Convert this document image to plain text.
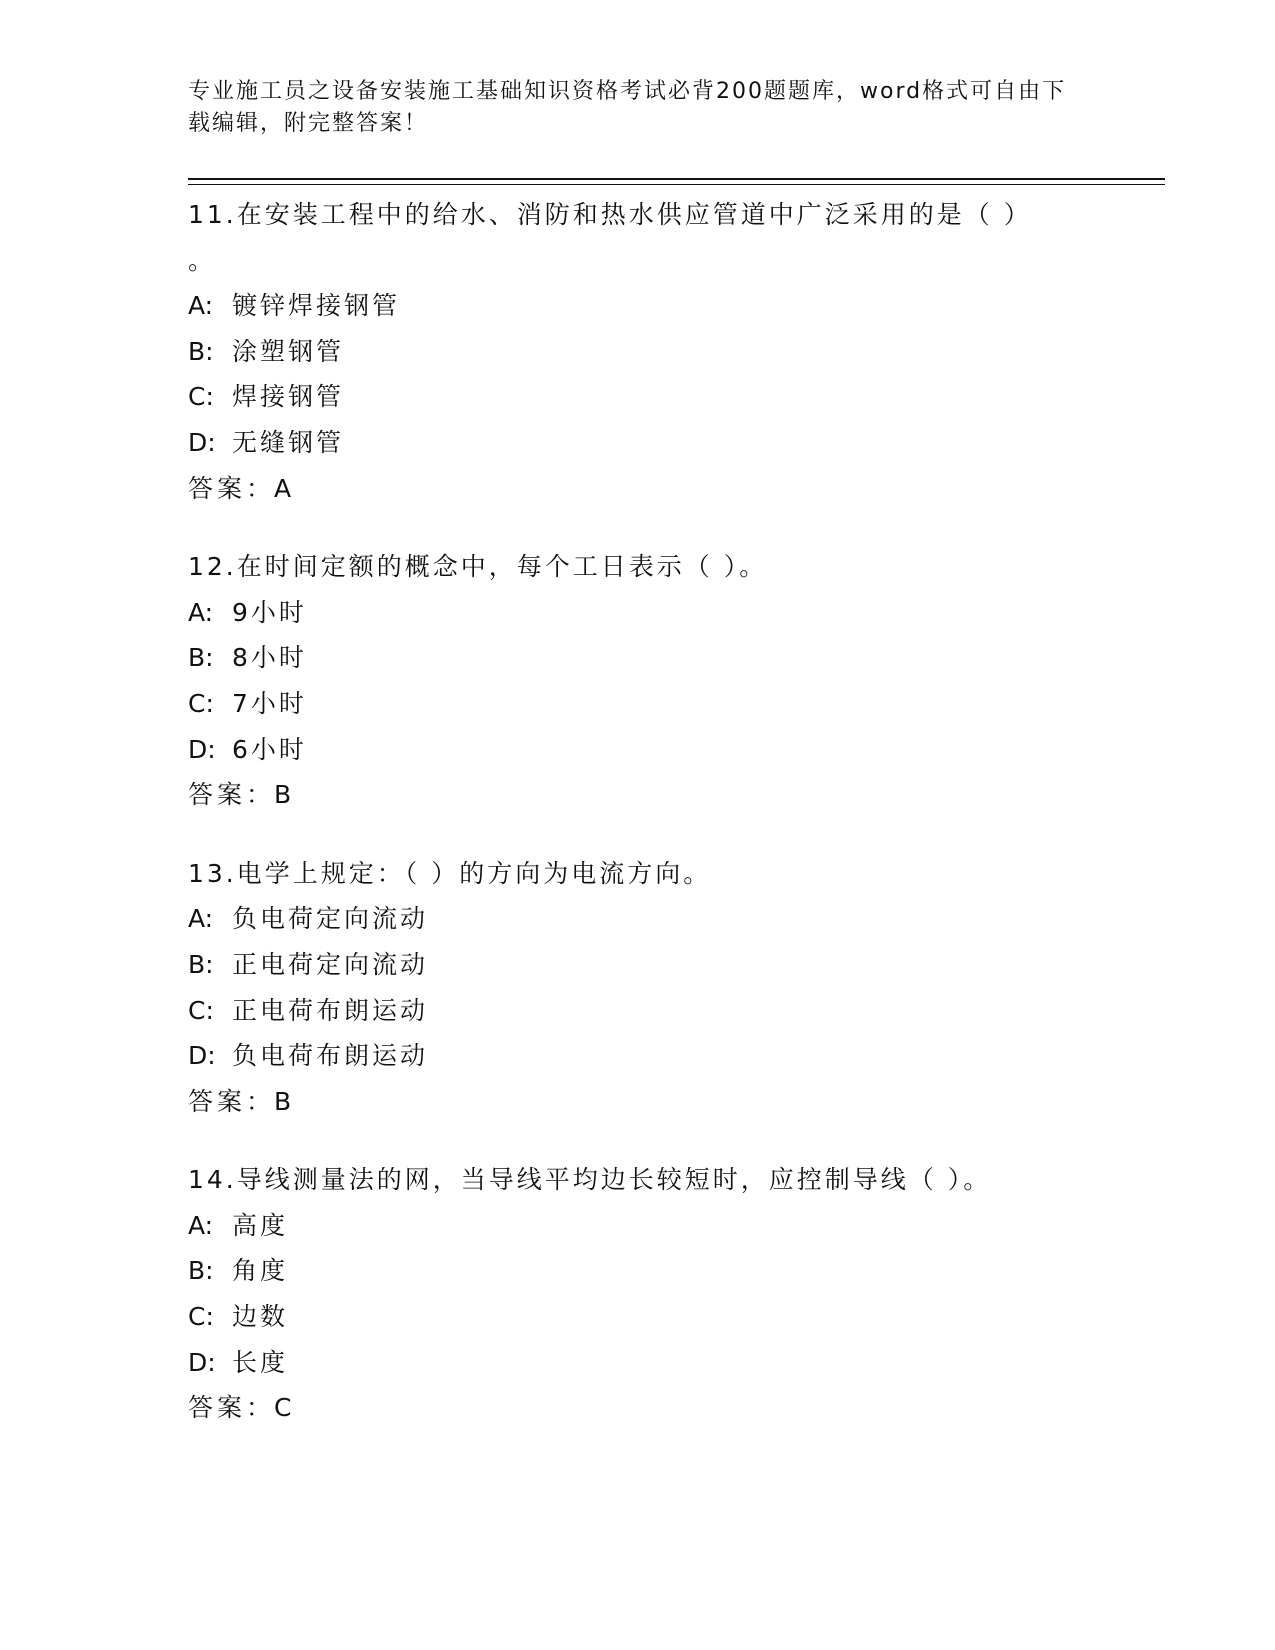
专业施工员之设备安装施工基础知识资格考试必背200题题库，word格式可自由下载编辑，附完整答案！

11.在安装工程中的给水、消防和热水供应管道中广泛采用的是（ ）
。
A: 镀锌焊接钢管
B: 涂塑钢管
C: 焊接钢管
D: 无缝钢管
答案：A
12.在时间定额的概念中，每个工日表示（ ）。
A: 9小时
B: 8小时
C: 7小时
D: 6小时
答案：B
13.电学上规定：（ ）的方向为电流方向。
A: 负电荷定向流动
B: 正电荷定向流动
C: 正电荷布朗运动
D: 负电荷布朗运动
答案：B
14.导线测量法的网，当导线平均边长较短时，应控制导线（ ）。
A: 高度
B: 角度
C: 边数
D: 长度
答案：C
